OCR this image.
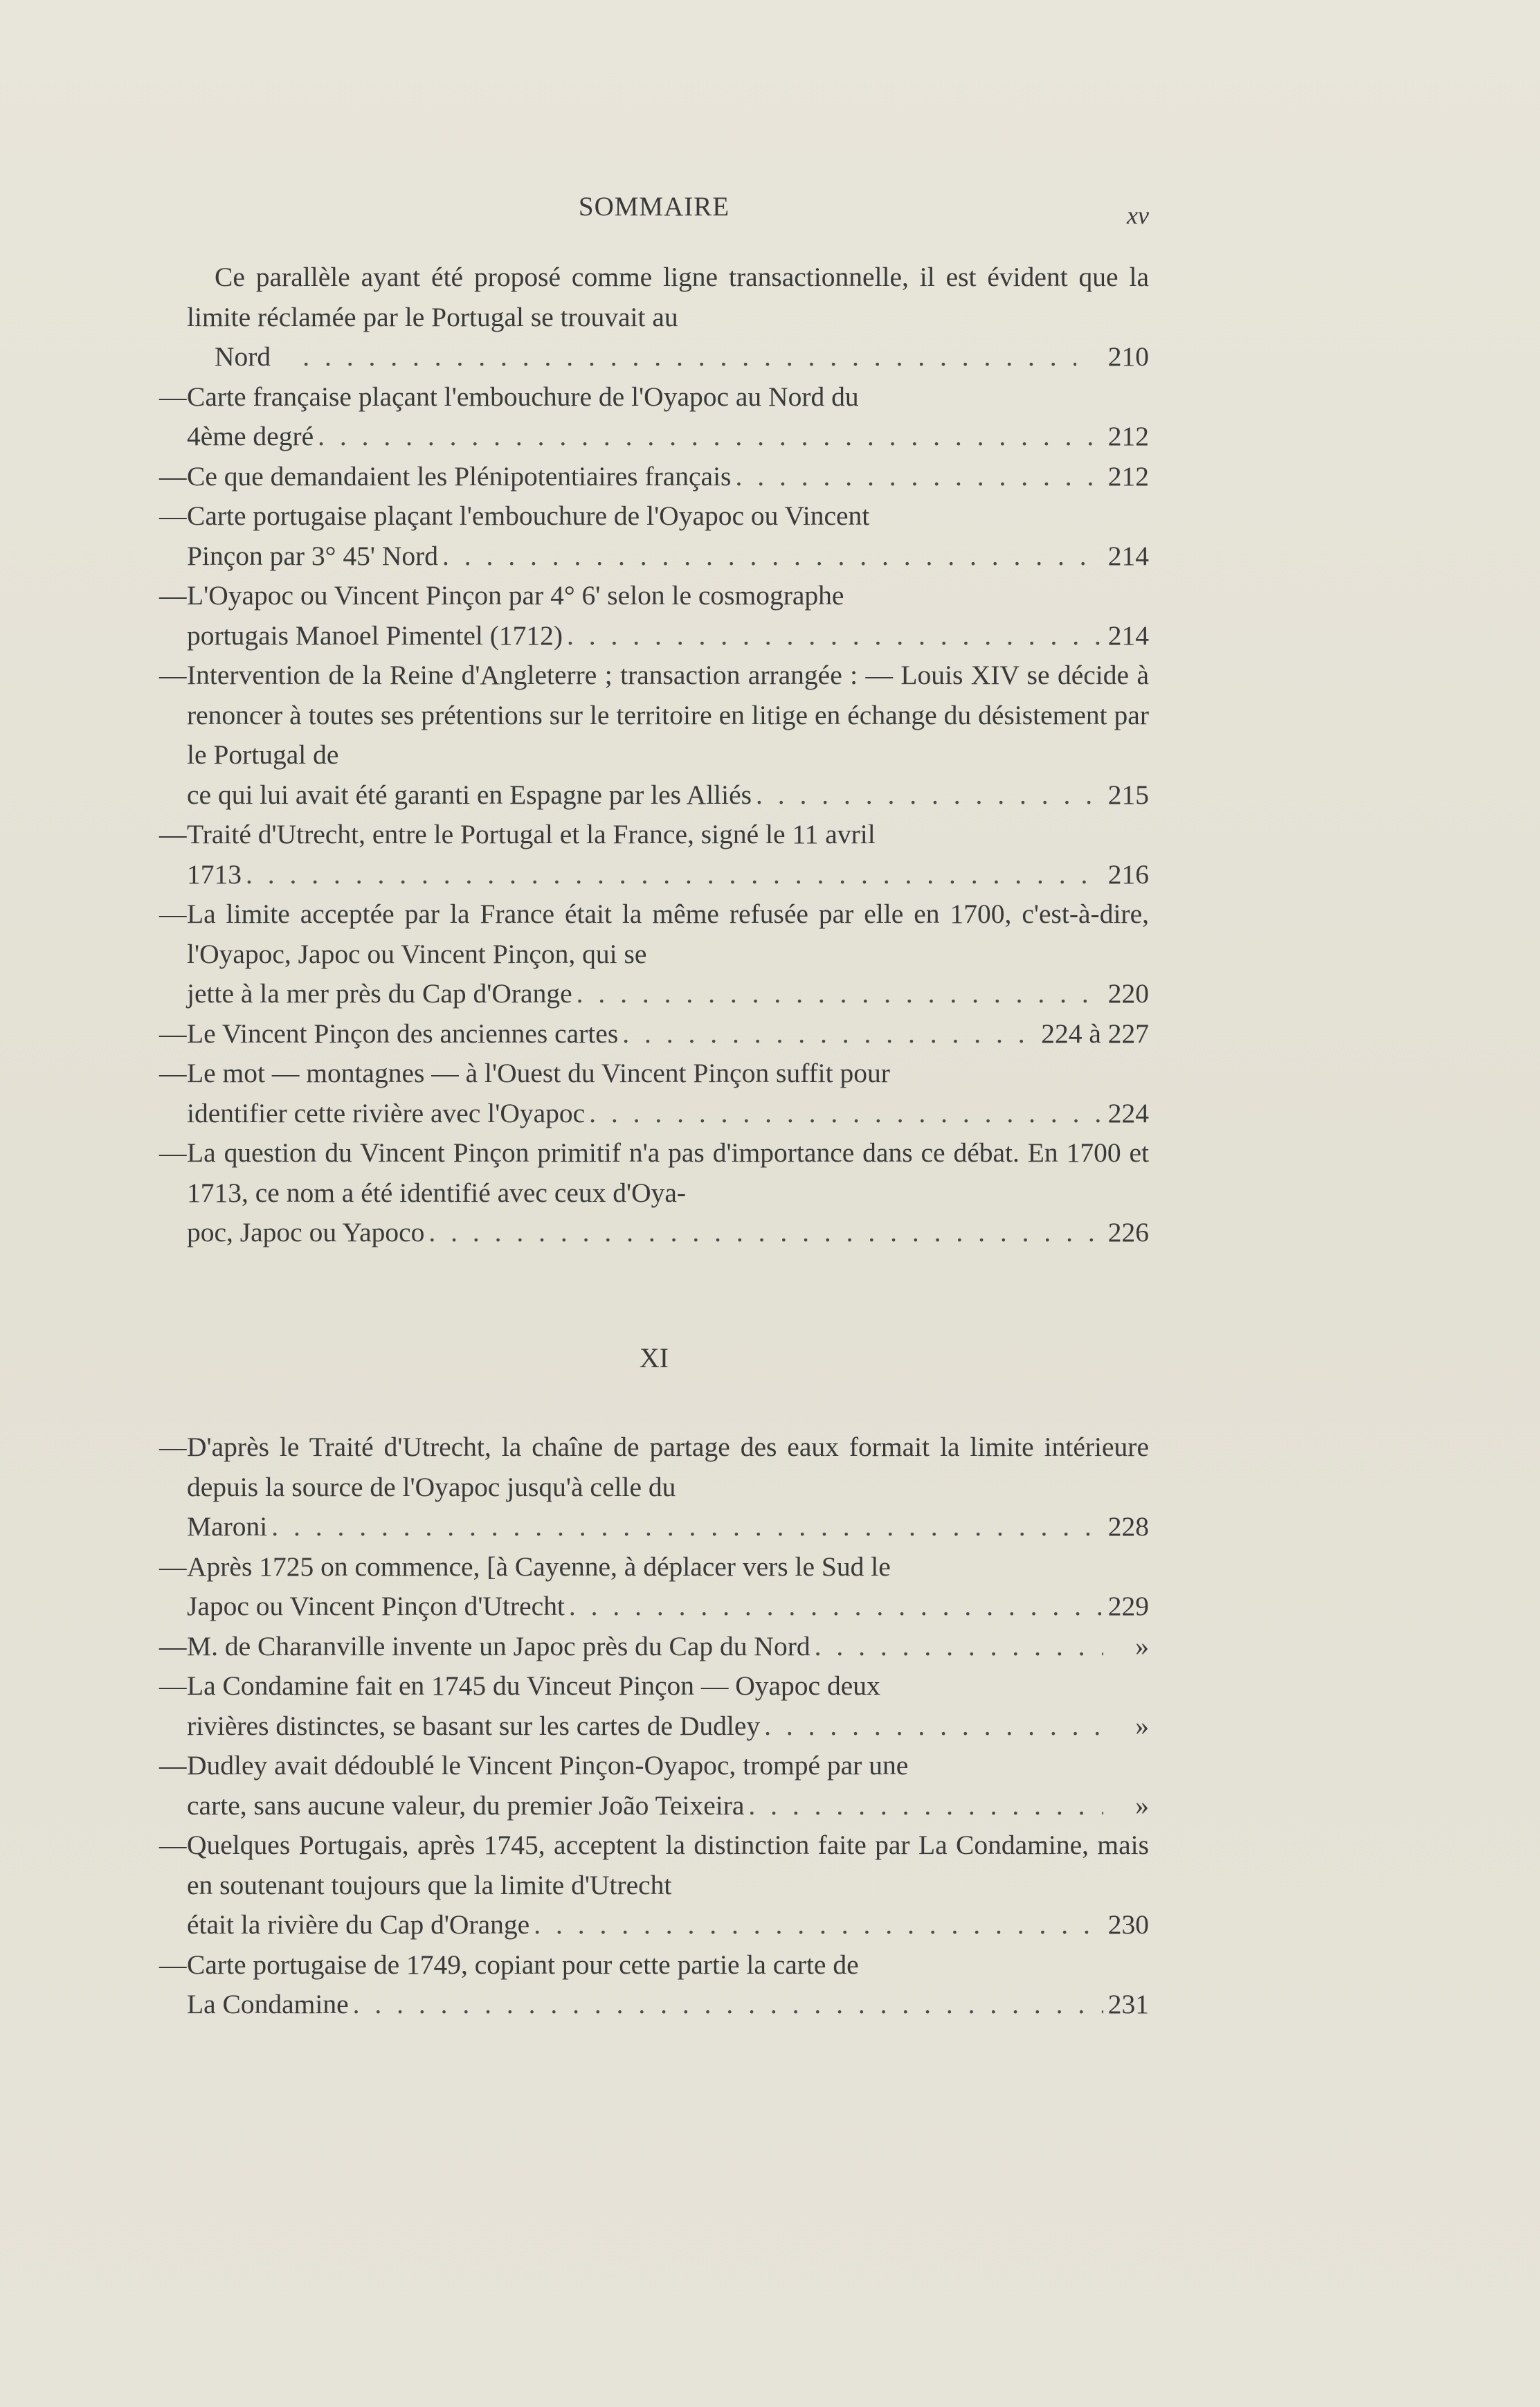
SOMMAIRE	xv
Ce parallèle ayant été proposé comme ligne transactionnelle, il est évident que la limite réclamée par le Portugal se trouvait au
Nord . . .	210
— Carte française plaçant l'embouchure de l'Oyapoc au Nord du
4ème degré . . .	212
— Ce que demandaient les Plénipotentiaires français . . .	212
— Carte portugaise plaçant l'embouchure de l'Oyapoc ou Vincent
Pinçon par 3° 45' Nord . . .	214
— L'Oyapoc ou Vincent Pinçon par 4° 6' selon le cosmographe
portugais Manoel Pimentel (1712) . . .	214
— Intervention de la Reine d'Angleterre ; transaction arrangée : — Louis XIV se décide à renoncer à toutes ses prétentions sur le territoire en litige en échange du désistement par le Portugal de
ce qui lui avait été garanti en Espagne par les Alliés . . .	215
— Traité d'Utrecht, entre le Portugal et la France, signé le 11 avril
1713 . . .	216
— La limite acceptée par la France était la même refusée par elle en 1700, c'est-à-dire, l'Oyapoc, Japoc ou Vincent Pinçon, qui se
jette à la mer près du Cap d'Orange . . .	220
— Le Vincent Pinçon des anciennes cartes . . .	224 à 227
— Le mot — montagnes — à l'Ouest du Vincent Pinçon suffit pour
identifier cette rivière avec l'Oyapoc . . .	224
— La question du Vincent Pinçon primitif n'a pas d'importance dans ce débat. En 1700 et 1713, ce nom a été identifié avec ceux d'Oya-
poc, Japoc ou Yapoco . . .	226
XI
— D'après le Traité d'Utrecht, la chaîne de partage des eaux formait la limite intérieure depuis la source de l'Oyapoc jusqu'à celle du
Maroni . . .	228
— Après 1725 on commence, [à Cayenne, à déplacer vers le Sud le
Japoc ou Vincent Pinçon d'Utrecht . . .	229
— M. de Charanville invente un Japoc près du Cap du Nord . . .	»
— La Condamine fait en 1745 du Vinceut Pinçon — Oyapoc deux
rivières distinctes, se basant sur les cartes de Dudley . . .	»
— Dudley avait dédoublé le Vincent Pinçon-Oyapoc, trompé par une
carte, sans aucune valeur, du premier João Teixeira . . .	»
— Quelques Portugais, après 1745, acceptent la distinction faite par La Condamine, mais en soutenant toujours que la limite d'Utrecht
était la rivière du Cap d'Orange . . .	230
— Carte portugaise de 1749, copiant pour cette partie la carte de
La Condamine . . .	231
